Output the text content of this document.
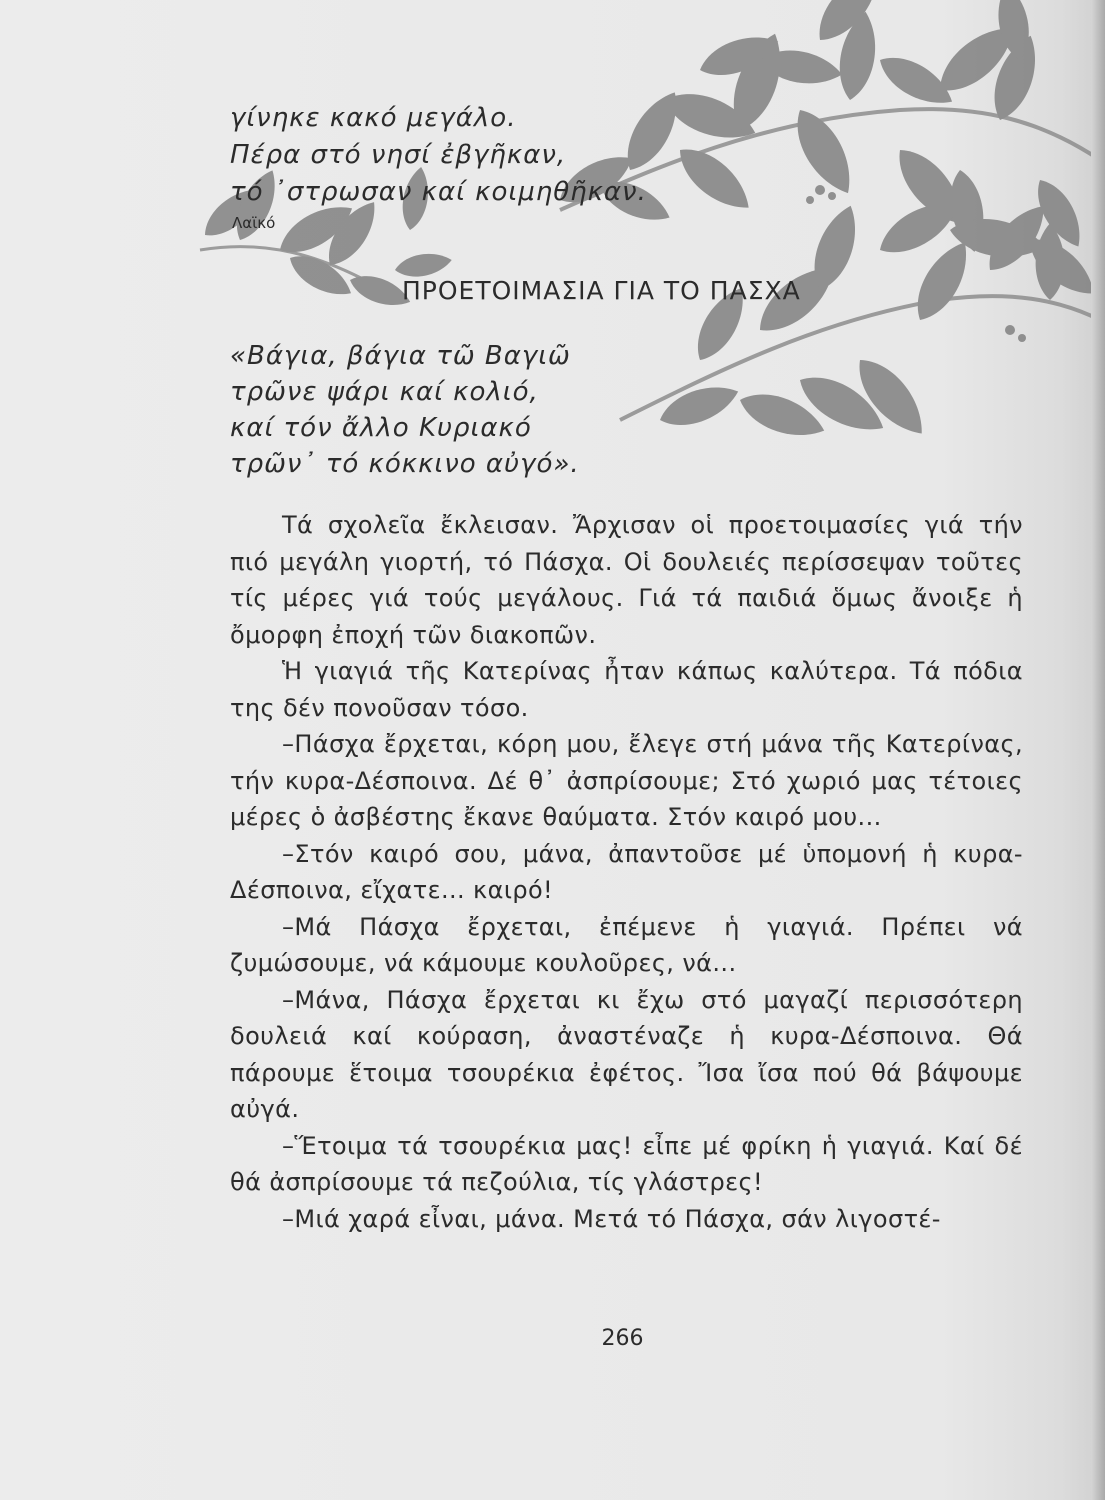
γίνηκε κακό μεγάλο.
Πέρα στό νησί ἐβγῆκαν,
τό ᾿στρωσαν καί κοιμηθῆκαν.
Λαϊκό
ΠΡΟΕΤΟΙΜΑΣΙΑ ΓΙΑ ΤΟ ΠΑΣΧΑ
«Βάγια, βάγια τῶ Βαγιῶ
τρῶνε ψάρι καί κολιό,
καί τόν ἄλλο Κυριακό
τρῶν᾿ τό κόκκινο αὐγό».

Τά σχολεῖα ἔκλεισαν. Ἄρχισαν οἱ προετοιμασίες γιά τήν πιό μεγάλη γιορτή, τό Πάσχα. Οἱ δουλειές περίσσεψαν τοῦτες τίς μέρες γιά τούς μεγάλους. Γιά τά παιδιά ὅμως ἄνοιξε ἡ ὄμορφη ἐποχή τῶν διακοπῶν.

Ἡ γιαγιά τῆς Κατερίνας ἦταν κάπως καλύτερα. Τά πόδια της δέν πονοῦσαν τόσο.

–Πάσχα ἔρχεται, κόρη μου, ἔλεγε στή μάνα τῆς Κατερίνας, τήν κυρα-Δέσποινα. Δέ θ᾿ ἀσπρίσουμε; Στό χωριό μας τέτοιες μέρες ὁ ἀσβέστης ἔκανε θαύματα. Στόν καιρό μου...

–Στόν καιρό σου, μάνα, ἀπαντοῦσε μέ ὑπομονή ἡ κυρα-Δέσποινα, εἴχατε... καιρό!

–Μά Πάσχα ἔρχεται, ἐπέμενε ἡ γιαγιά. Πρέπει νά ζυμώσουμε, νά κάμουμε κουλοῦρες, νά...

–Μάνα, Πάσχα ἔρχεται κι ἔχω στό μαγαζί περισσότερη δουλειά καί κούραση, ἀναστέναζε ἡ κυρα-Δέσποινα. Θά πάρουμε ἕτοιμα τσουρέκια ἐφέτος. Ἴσα ἴσα πού θά βάψουμε αὐγά.

–Ἕτοιμα τά τσουρέκια μας! εἶπε μέ φρίκη ἡ γιαγιά. Καί δέ θά ἀσπρίσουμε τά πεζούλια, τίς γλάστρες!

–Μιά χαρά εἶναι, μάνα. Μετά τό Πάσχα, σάν λιγοστέ-

266
